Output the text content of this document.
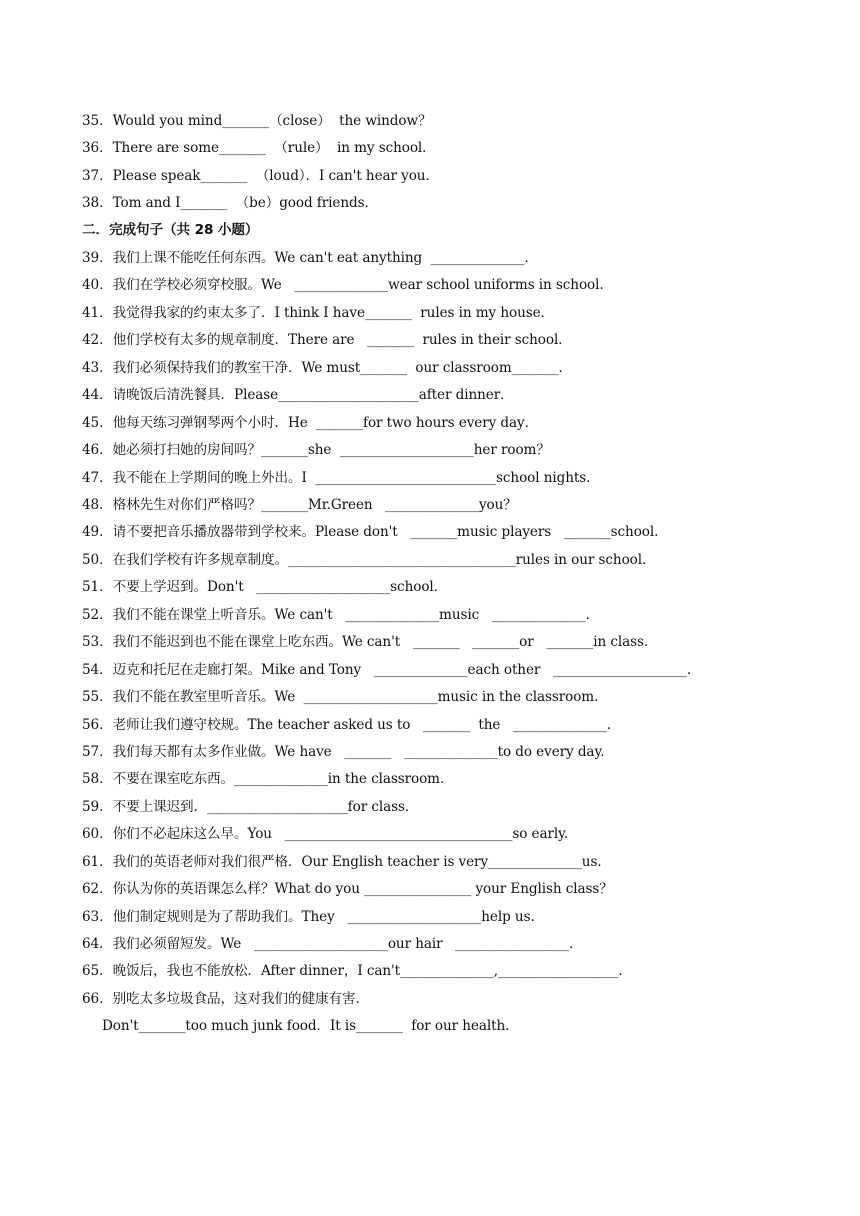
35．Would you mind_______（close）  the window？
36．There are some_______  （rule）  in my school．
37．Please speak_______  （loud）．I can't hear you．
38．Tom and I_______  （be）good friends．
二．完成句子（共 28 小题）
39．我们上课不能吃任何东西。We can't eat anything  ______________.
40．我们在学校必须穿校服。We   ______________wear school uniforms in school.
41．我觉得我家的约束太多了．I think I have_______  rules in my house．
42．他们学校有太多的规章制度．There are   _______  rules in their school．
43．我们必须保持我们的教室干净．We must_______  our classroom_______．
44．请晚饭后清洗餐具．Please_____________________after dinner．
45．他每天练习弹钢琴两个小时．He  _______for two hours every day．
46．她必须打扫她的房间吗？_______she  ____________________her room？
47．我不能在上学期间的晚上外出。I  ___________________________school nights.
48．格林先生对你们严格吗？_______Mr.Green   ______________you？
49．请不要把音乐播放器带到学校来。Please don't   _______music players   _______school.
50．在我们学校有许多规章制度。__________________________________rules in our school.
51．不要上学迟到。Don't   ____________________school.
52．我们不能在课堂上听音乐。We can't   ______________music   ______________.
53．我们不能迟到也不能在课堂上吃东西。We can't   _______   _______or   _______in class.
54．迈克和托尼在走廊打架。Mike and Tony   ______________each other   ____________________.
55．我们不能在教室里听音乐。We  ____________________music in the classroom.
56．老师让我们遵守校规。The teacher asked us to   _______  the   ______________.
57．我们每天都有太多作业做。We have   _______   ______________to do every day.
58．不要在课室吃东西。______________in the classroom.
59．不要上课迟到．_____________________for class．
60．你们不必起床这么早。You   __________________________________so early.
61．我们的英语老师对我们很严格．Our English teacher is very______________us．
62．你认为你的英语课怎么样？What do you ________________ your English class？
63．他们制定规则是为了帮助我们。They   ____________________help us.
64．我们必须留短发。We   ____________________our hair   _________________.
65．晚饭后，我也不能放松．After dinner，I can't______________,__________________．
66．别吃太多垃圾食品，这对我们的健康有害．
Don't_______too much junk food．It is_______  for our health．
